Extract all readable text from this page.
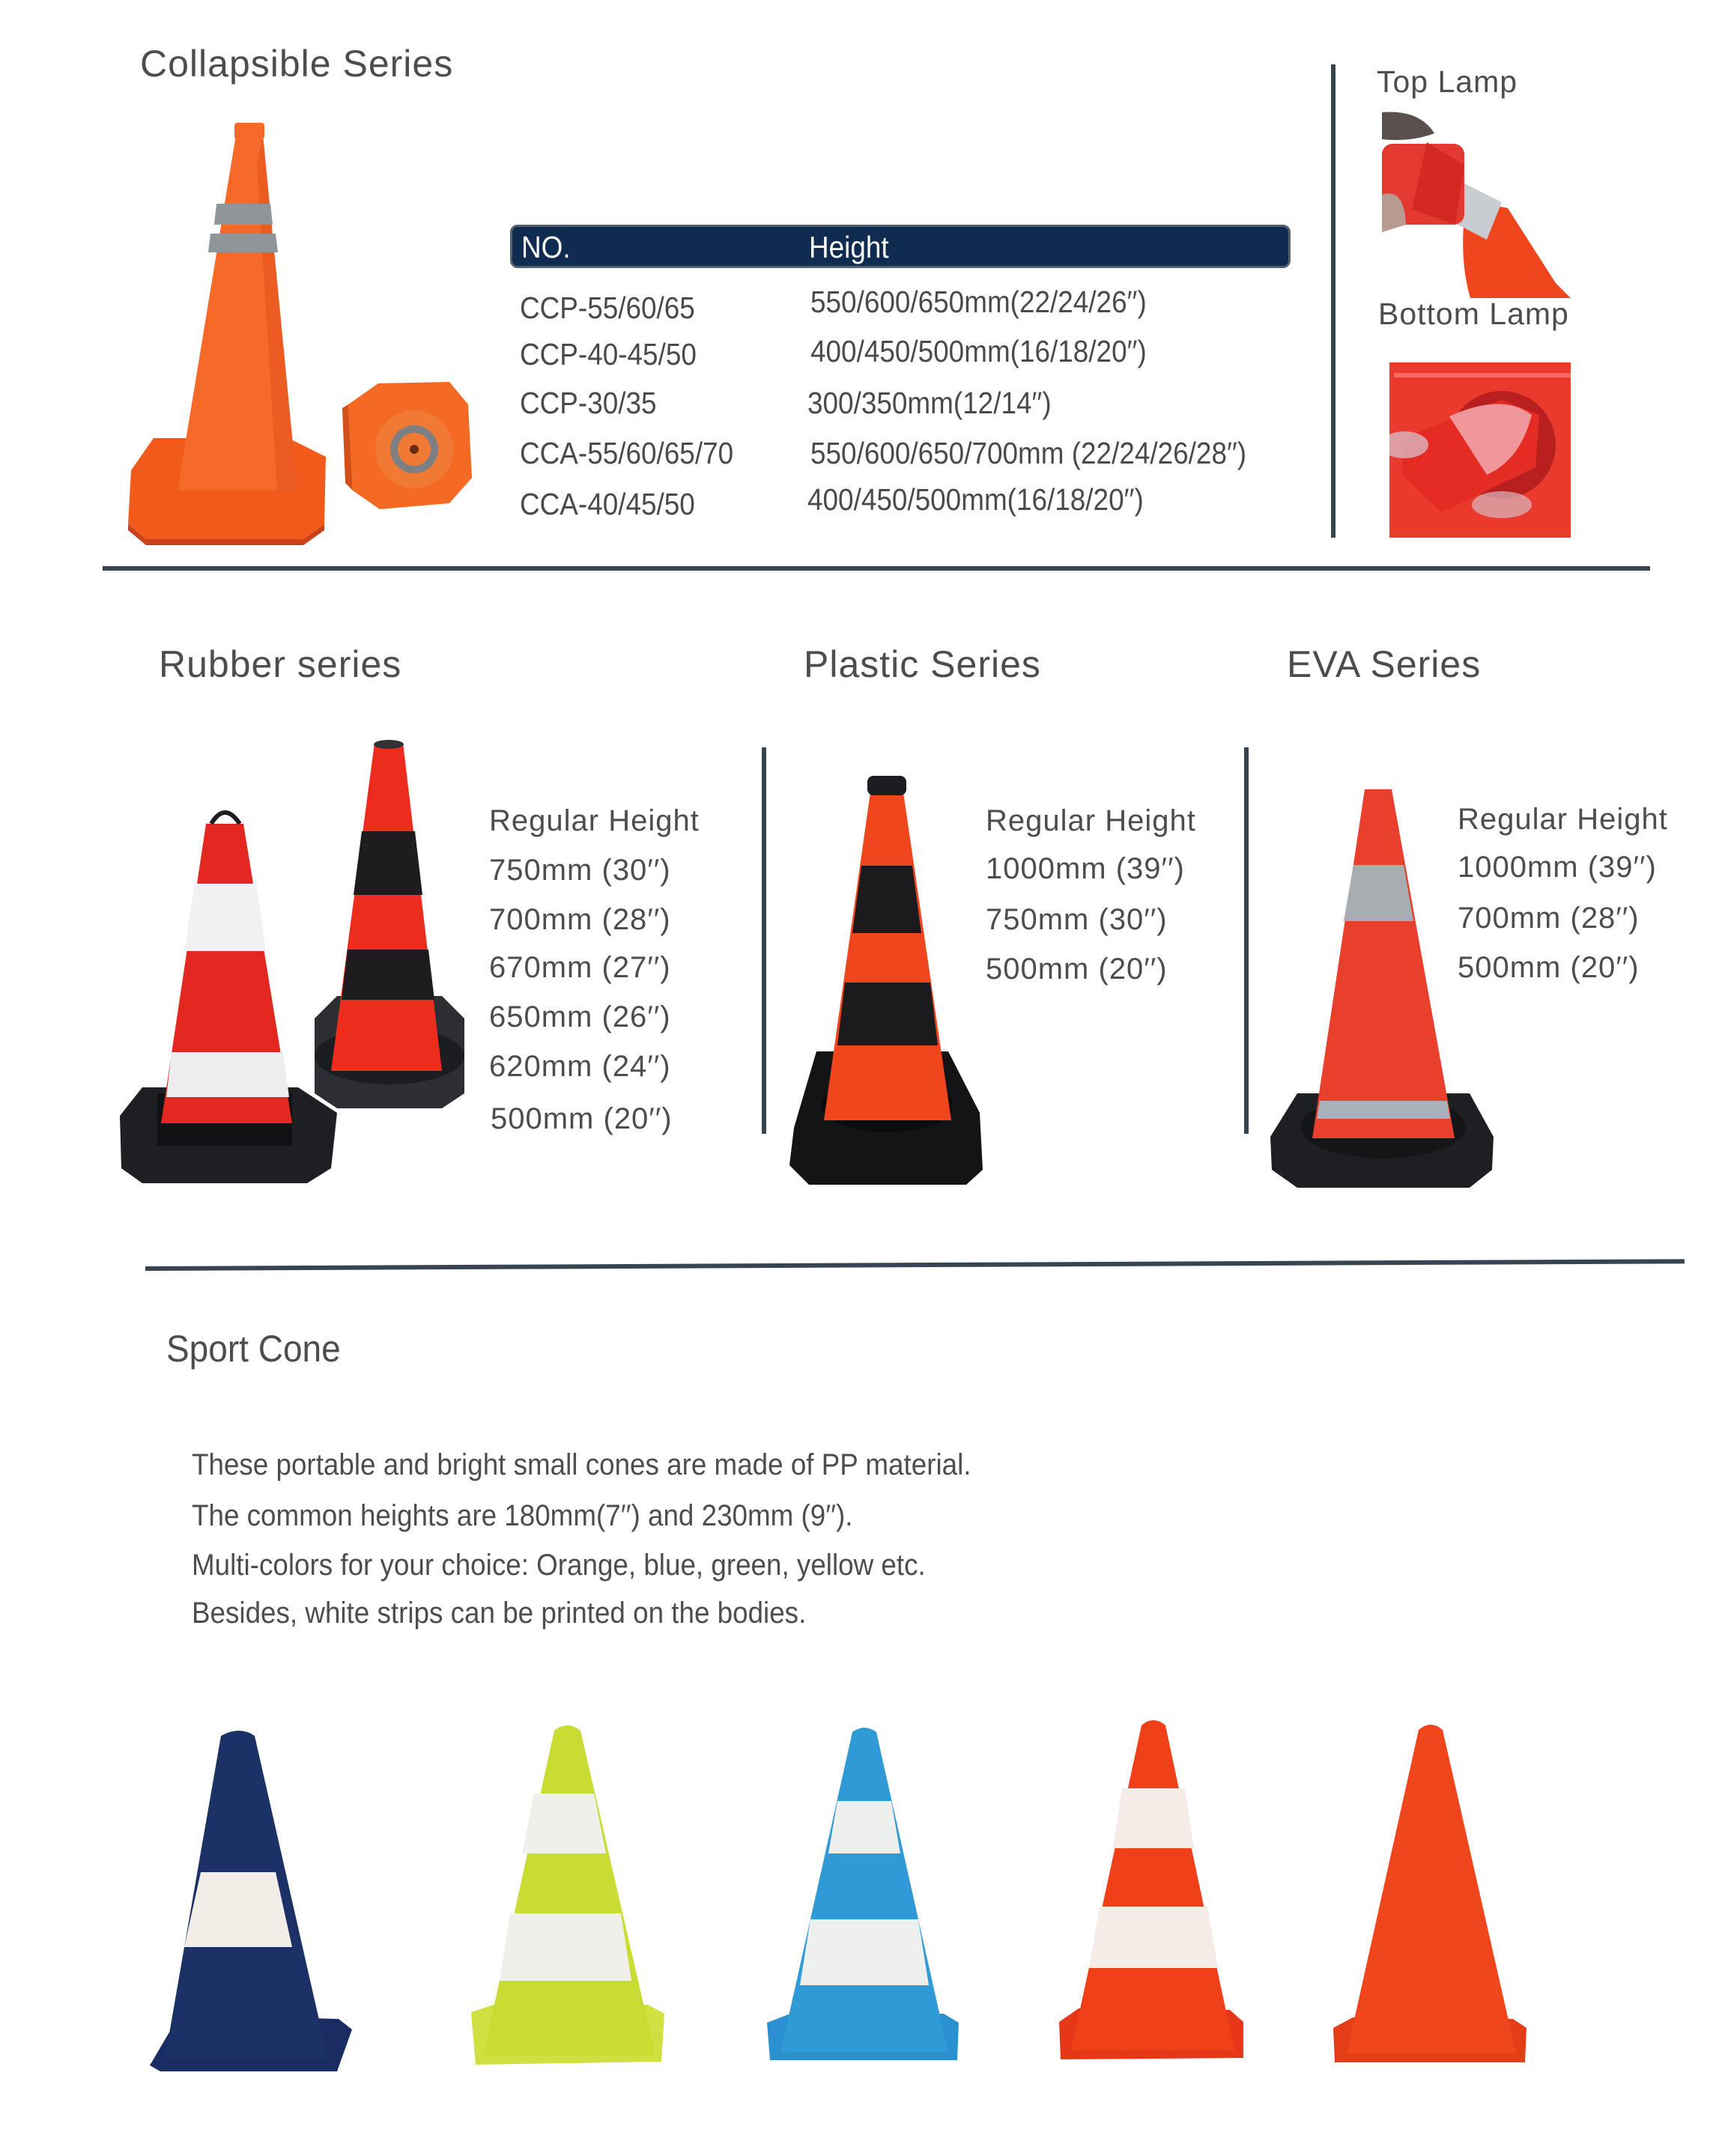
Collapsible Series
NO.	Height
CCP-55/60/65	550/600/650mm(22/24/26′′)
CCP-40-45/50	400/450/500mm(16/18/20′′)
CCP-30/35	300/350mm(12/14′′)
CCA-55/60/65/70	550/600/650/700mm (22/24/26/28′′)
CCA-40/45/50	400/450/500mm(16/18/20′′)
Top Lamp
Bottom Lamp
Rubber series	Plastic Series	EVA Series
Regular Height
750mm (30′′)
700mm (28′′)
670mm (27′′)
650mm (26′′)
620mm (24′′)
500mm (20′′)
Regular Height
1000mm (39′′)
750mm (30′′)
500mm (20′′)
Regular Height
1000mm (39′′)
700mm (28′′)
500mm (20′′)
Sport Cone
These portable and bright small cones are made of PP material.
The common heights are 180mm(7′′) and 230mm (9′′).
Multi-colors for your choice: Orange, blue, green, yellow etc.
Besides, white strips can be printed on the bodies.
